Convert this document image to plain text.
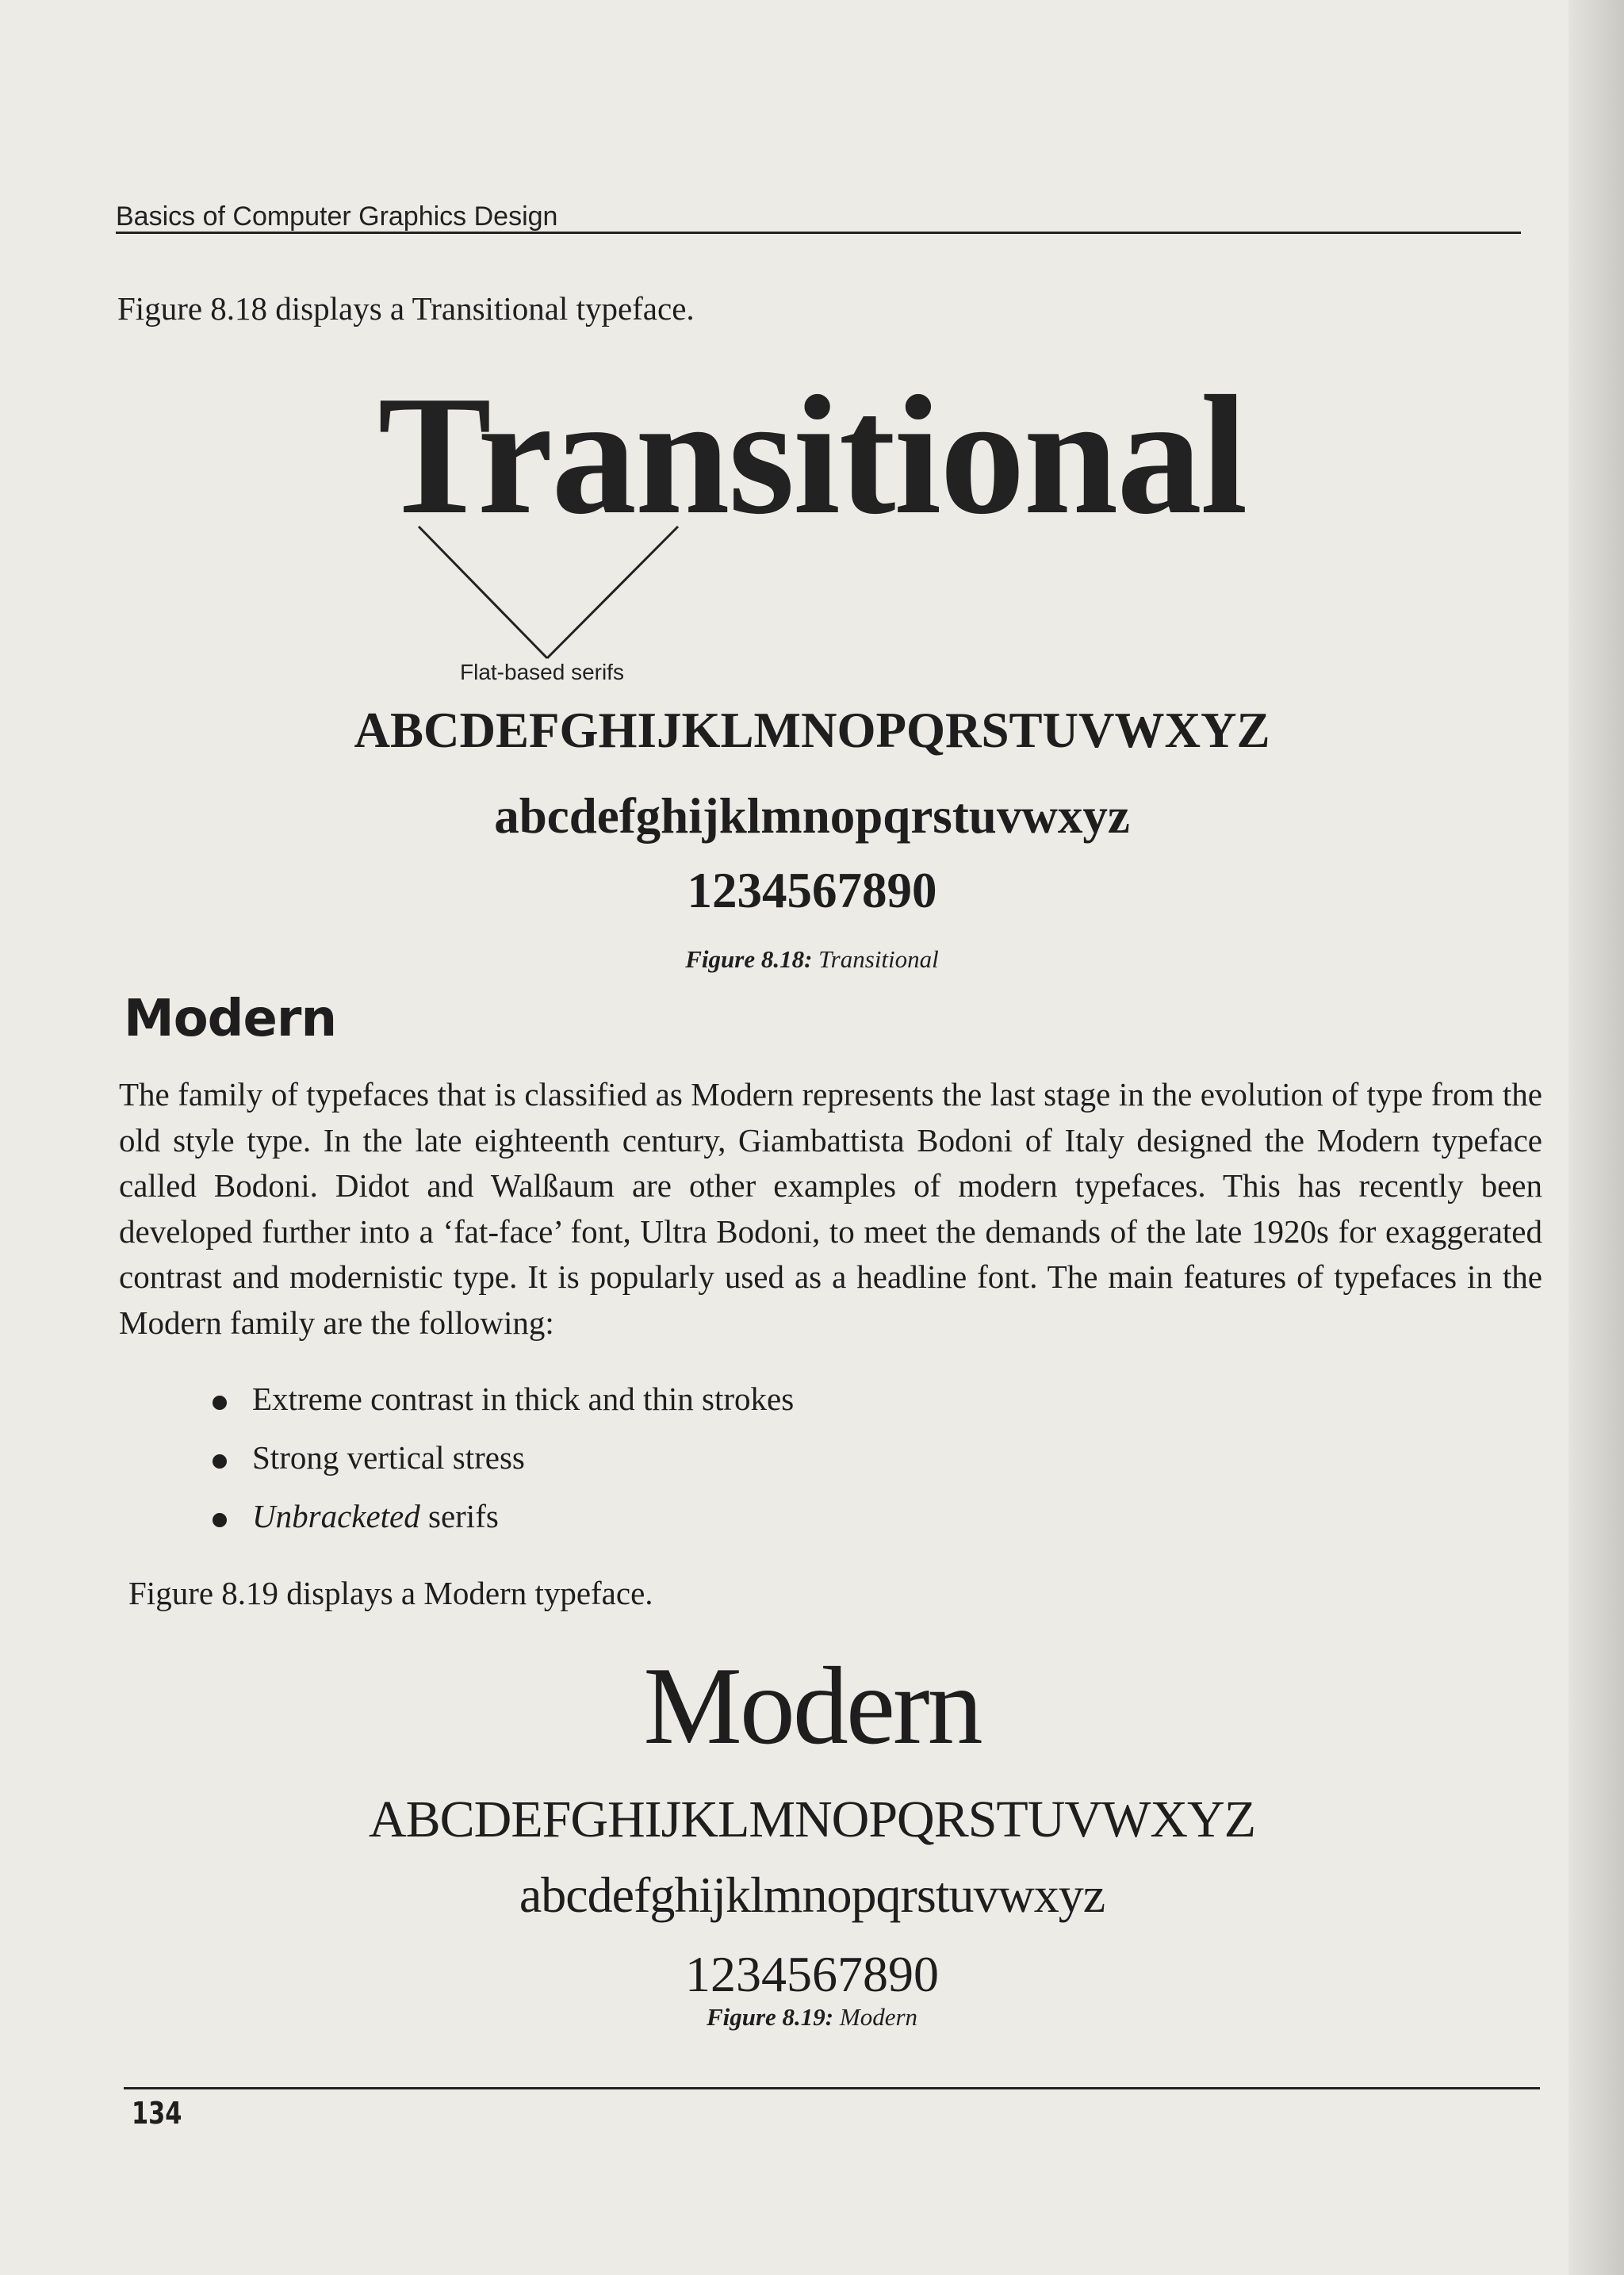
Basics of Computer Graphics Design
Figure 8.18 displays a Transitional typeface.
Transitional
Flat-based serifs
ABCDEFGHIJKLMNOPQRSTUVWXYZ
abcdefghijklmnopqrstuvwxyz
1234567890
Figure 8.18: Transitional
Modern
The family of typefaces that is classified as Modern represents the last stage in the evolution of type from the old style type. In the late eighteenth century, Giambattista Bodoni of Italy designed the Modern typeface called Bodoni. Didot and Walßaum are other examples of modern typefaces. This has recently been developed further into a ‘fat-face’ font, Ultra Bodoni, to meet the demands of the late 1920s for exaggerated contrast and modernistic type. It is popularly used as a headline font. The main features of typefaces in the Modern family are the following:
Extreme contrast in thick and thin strokes
Strong vertical stress
Unbracketed serifs
Figure 8.19 displays a Modern typeface.
Modern
ABCDEFGHIJKLMNOPQRSTUVWXYZ
abcdefghijklmnopqrstuvwxyz
1234567890
Figure 8.19: Modern
134
